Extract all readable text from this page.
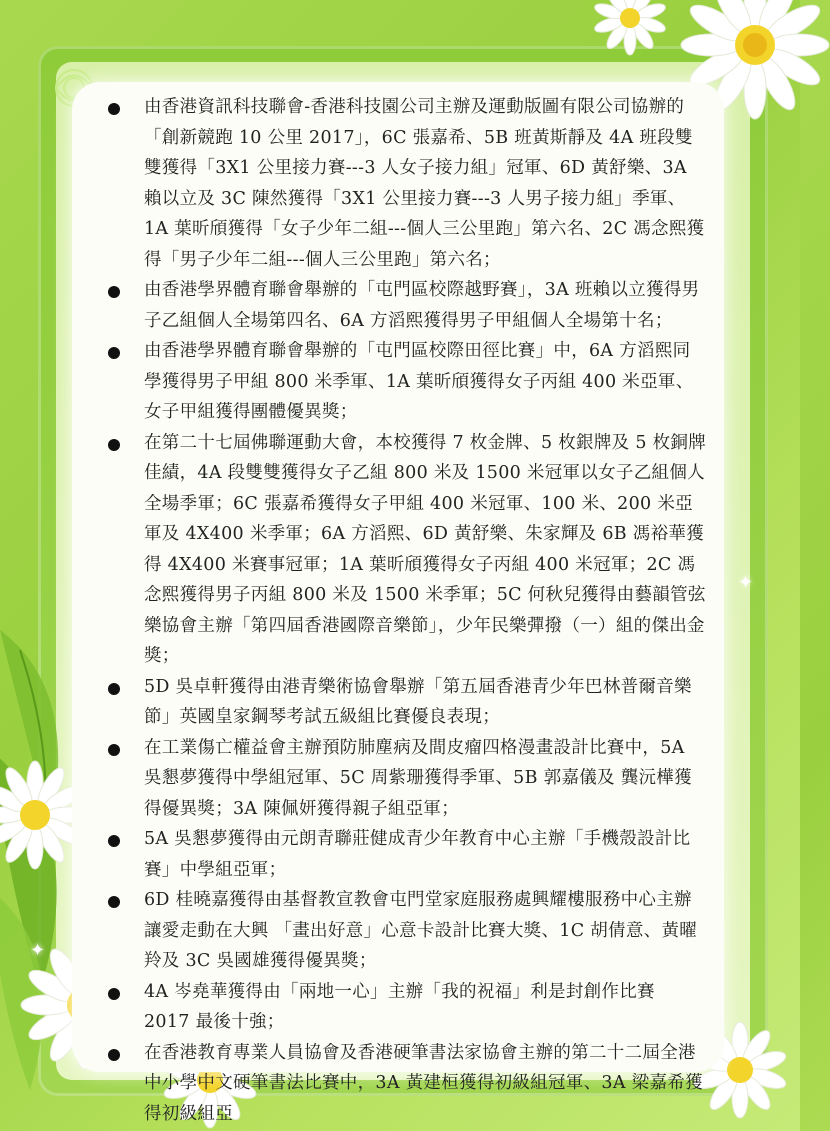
✦
✦

由香港資訊科技聯會-香港科技園公司主辦及運動版圖有限公司協辦的「創新競跑 10 公里 2017」，6C 張嘉希、5B 班黃斯靜及 4A 班段雙雙獲得「3X1 公里接力賽---3 人女子接力組」冠軍、6D 黃舒樂、3A 賴以立及 3C 陳然獲得「3X1 公里接力賽---3 人男子接力組」季軍、1A 葉昕頎獲得「女子少年二組---個人三公里跑」第六名、2C 馮念熙獲得「男子少年二組---個人三公里跑」第六名；

由香港學界體育聯會舉辦的「屯門區校際越野賽」，3A 班賴以立獲得男子乙組個人全場第四名、6A 方滔熙獲得男子甲組個人全場第十名；

由香港學界體育聯會舉辦的「屯門區校際田徑比賽」中，6A 方滔熙同學獲得男子甲組 800 米季軍、1A 葉昕頎獲得女子丙組 400 米亞軍、女子甲組獲得團體優異獎；

在第二十七屆佛聯運動大會，本校獲得 7 枚金牌、5 枚銀牌及 5 枚銅牌佳績，4A 段雙雙獲得女子乙組 800 米及 1500 米冠軍以女子乙組個人全場季軍；6C 張嘉希獲得女子甲組 400 米冠軍、100 米、200 米亞軍及 4X400 米季軍；6A 方滔熙、6D 黃舒樂、朱家輝及 6B 馮裕華獲得 4X400 米賽事冠軍；1A 葉昕頎獲得女子丙組 400 米冠軍；2C 馮念熙獲得男子丙組 800 米及 1500 米季軍；5C 何秋兒獲得由藝韻管弦樂協會主辦「第四屆香港國際音樂節」，少年民樂彈撥（一）組的傑出金獎；

5D 吳卓軒獲得由港青樂術協會舉辦「第五屆香港青少年巴林普爾音樂節」英國皇家鋼琴考試五級組比賽優良表現；

在工業傷亡權益會主辦預防肺塵病及間皮瘤四格漫畫設計比賽中，5A 吳懇夢獲得中學組冠軍、5C 周紫珊獲得季軍、5B 郭嘉儀及 龔沅樺獲得優異獎；3A 陳佩妍獲得親子組亞軍；

5A 吳懇夢獲得由元朗青聯莊健成青少年教育中心主辦「手機殼設計比賽」中學組亞軍；

6D 桂曉嘉獲得由基督教宣教會屯門堂家庭服務處興耀樓服務中心主辦讓愛走動在大興 「畫出好意」心意卡設計比賽大獎、1C 胡倩意、黃曜羚及 3C 吳國雄獲得優異獎；

4A 岑堯華獲得由「兩地一心」主辦「我的祝福」利是封創作比賽 2017 最後十強；

在香港教育專業人員協會及香港硬筆書法家協會主辦的第二十二屆全港中小學中文硬筆書法比賽中，3A 黃建桓獲得初級組冠軍、3A 梁嘉希獲得初級組亞
